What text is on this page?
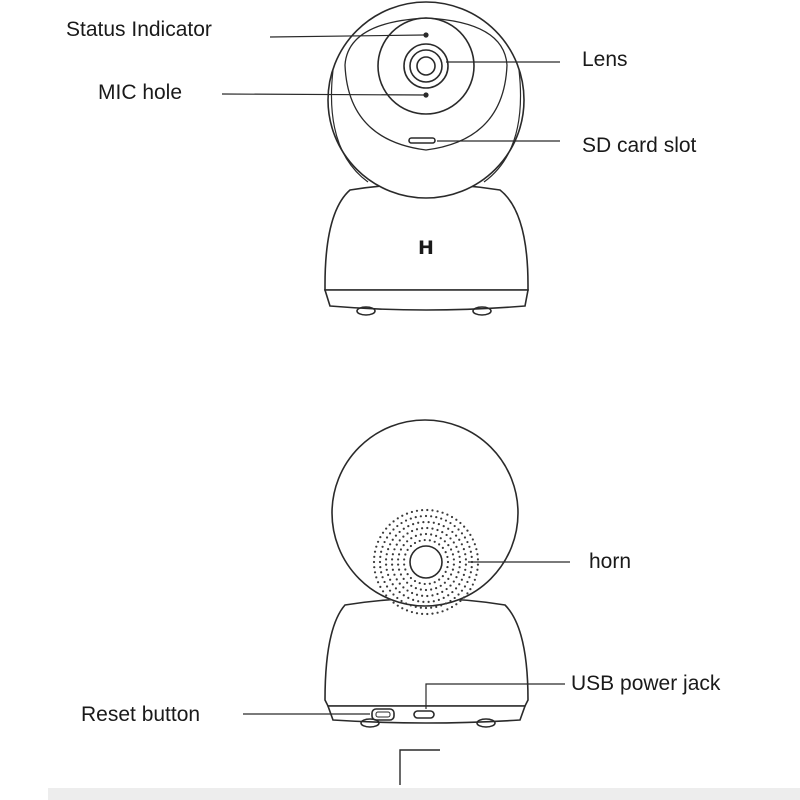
H
Status Indicator
MIC hole
Lens
SD card slot
horn
USB power jack
Reset button
